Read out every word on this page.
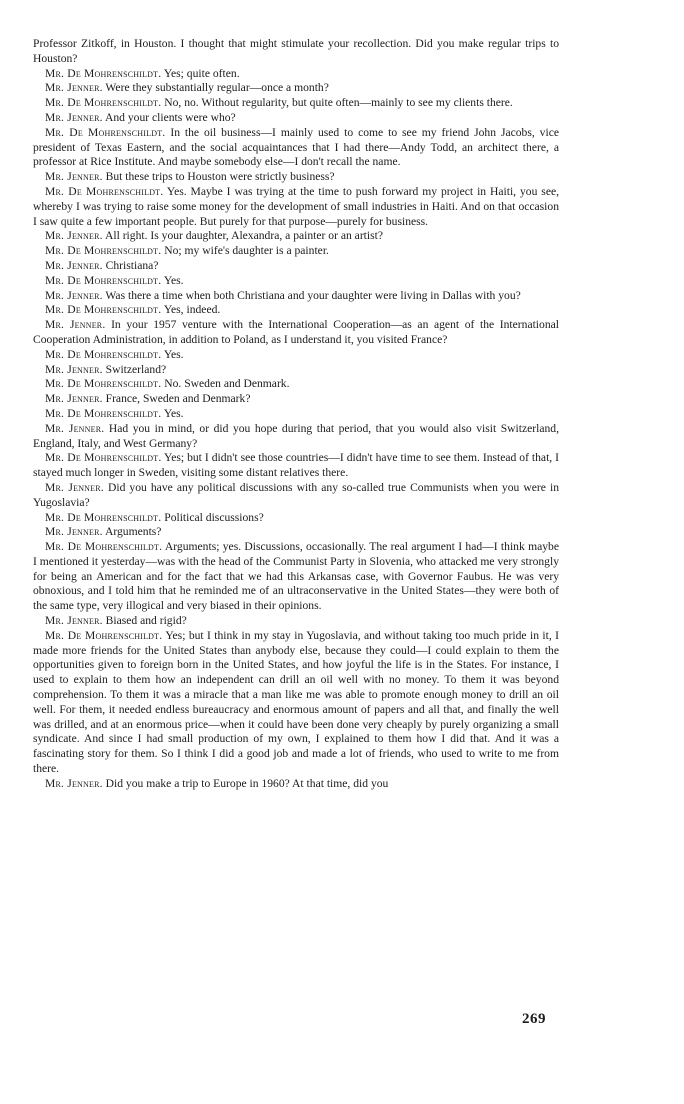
Professor Zitkoff, in Houston. I thought that might stimulate your recollection. Did you make regular trips to Houston?

Mr. De Mohrenschildt. Yes; quite often.

Mr. Jenner. Were they substantially regular—once a month?

Mr. De Mohrenschildt. No, no. Without regularity, but quite often—mainly to see my clients there.

Mr. Jenner. And your clients were who?

Mr. De Mohrenschildt. In the oil business—I mainly used to come to see my friend John Jacobs, vice president of Texas Eastern, and the social acquaintances that I had there—Andy Todd, an architect there, a professor at Rice Institute. And maybe somebody else—I don't recall the name.

Mr. Jenner. But these trips to Houston were strictly business?

Mr. De Mohrenschildt. Yes. Maybe I was trying at the time to push forward my project in Haiti, you see, whereby I was trying to raise some money for the development of small industries in Haiti. And on that occasion I saw quite a few important people. But purely for that purpose—purely for business.

Mr. Jenner. All right. Is your daughter, Alexandra, a painter or an artist?

Mr. De Mohrenschildt. No; my wife's daughter is a painter.

Mr. Jenner. Christiana?

Mr. De Mohrenschildt. Yes.

Mr. Jenner. Was there a time when both Christiana and your daughter were living in Dallas with you?

Mr. De Mohrenschildt. Yes, indeed.

Mr. Jenner. In your 1957 venture with the International Cooperation—as an agent of the International Cooperation Administration, in addition to Poland, as I understand it, you visited France?

Mr. De Mohrenschildt. Yes.

Mr. Jenner. Switzerland?

Mr. De Mohrenschildt. No. Sweden and Denmark.

Mr. Jenner. France, Sweden and Denmark?

Mr. De Mohrenschildt. Yes.

Mr. Jenner. Had you in mind, or did you hope during that period, that you would also visit Switzerland, England, Italy, and West Germany?

Mr. De Mohrenschildt. Yes; but I didn't see those countries—I didn't have time to see them. Instead of that, I stayed much longer in Sweden, visiting some distant relatives there.

Mr. Jenner. Did you have any political discussions with any so-called true Communists when you were in Yugoslavia?

Mr. De Mohrenschildt. Political discussions?

Mr. Jenner. Arguments?

Mr. De Mohrenschildt. Arguments; yes. Discussions, occasionally. The real argument I had—I think maybe I mentioned it yesterday—was with the head of the Communist Party in Slovenia, who attacked me very strongly for being an American and for the fact that we had this Arkansas case, with Governor Faubus. He was very obnoxious, and I told him that he reminded me of an ultraconservative in the United States—they were both of the same type, very illogical and very biased in their opinions.

Mr. Jenner. Biased and rigid?

Mr. De Mohrenschildt. Yes; but I think in my stay in Yugoslavia, and without taking too much pride in it, I made more friends for the United States than anybody else, because they could—I could explain to them the opportunities given to foreign born in the United States, and how joyful the life is in the States. For instance, I used to explain to them how an independent can drill an oil well with no money. To them it was beyond comprehension. To them it was a miracle that a man like me was able to promote enough money to drill an oil well. For them, it needed endless bureaucracy and enormous amount of papers and all that, and finally the well was drilled, and at an enormous price—when it could have been done very cheaply by purely organizing a small syndicate. And since I had small production of my own, I explained to them how I did that. And it was a fascinating story for them. So I think I did a good job and made a lot of friends, who used to write to me from there.

Mr. Jenner. Did you make a trip to Europe in 1960? At that time, did you

269
